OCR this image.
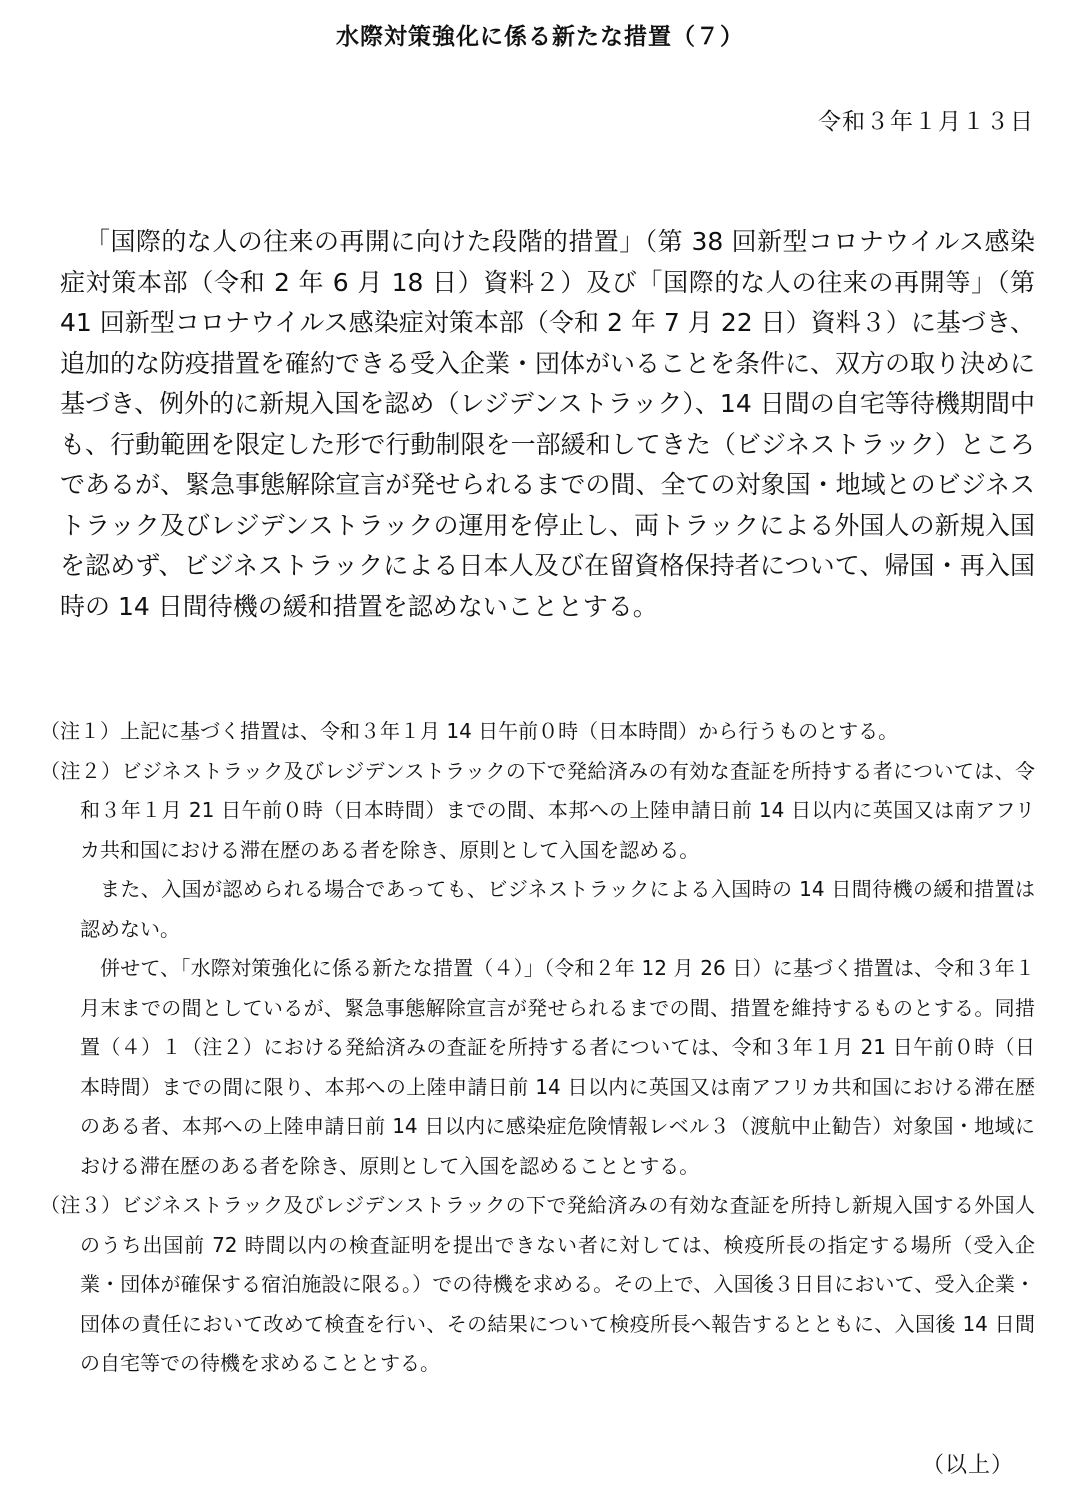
水際対策強化に係る新たな措置（７）
令和３年１月１３日

「国際的な人の往来の再開に向けた段階的措置」（第 38 回新型コロナウイルス感染症対策本部（令和 2 年 6 月 18 日）資料２）及び「国際的な人の往来の再開等」（第 41 回新型コロナウイルス感染症対策本部（令和 2 年 7 月 22 日）資料３）に基づき、追加的な防疫措置を確約できる受入企業・団体がいることを条件に、双方の取り決めに基づき、例外的に新規入国を認め（レジデンストラック）、14 日間の自宅等待機期間中も、行動範囲を限定した形で行動制限を一部緩和してきた（ビジネストラック）ところであるが、緊急事態解除宣言が発せられるまでの間、全ての対象国・地域とのビジネストラック及びレジデンストラックの運用を停止し、両トラックによる外国人の新規入国を認めず、ビジネストラックによる日本人及び在留資格保持者について、帰国・再入国時の 14 日間待機の緩和措置を認めないこととする。

（注１）上記に基づく措置は、令和３年１月 14 日午前０時（日本時間）から行うものとする。

（注２）ビジネストラック及びレジデンストラックの下で発給済みの有効な査証を所持する者については、令和３年１月 21 日午前０時（日本時間）までの間、本邦への上陸申請日前 14 日以内に英国又は南アフリカ共和国における滞在歴のある者を除き、原則として入国を認める。

また、入国が認められる場合であっても、ビジネストラックによる入国時の 14 日間待機の緩和措置は認めない。

併せて、「水際対策強化に係る新たな措置（４）」（令和２年 12 月 26 日）に基づく措置は、令和３年１月末までの間としているが、緊急事態解除宣言が発せられるまでの間、措置を維持するものとする。同措置（４）１（注２）における発給済みの査証を所持する者については、令和３年１月 21 日午前０時（日本時間）までの間に限り、本邦への上陸申請日前 14 日以内に英国又は南アフリカ共和国における滞在歴のある者、本邦への上陸申請日前 14 日以内に感染症危険情報レベル３（渡航中止勧告）対象国・地域における滞在歴のある者を除き、原則として入国を認めることとする。

（注３）ビジネストラック及びレジデンストラックの下で発給済みの有効な査証を所持し新規入国する外国人のうち出国前 72 時間以内の検査証明を提出できない者に対しては、検疫所長の指定する場所（受入企業・団体が確保する宿泊施設に限る。）での待機を求める。その上で、入国後３日目において、受入企業・団体の責任において改めて検査を行い、その結果について検疫所長へ報告するとともに、入国後 14 日間の自宅等での待機を求めることとする。

（以上）
